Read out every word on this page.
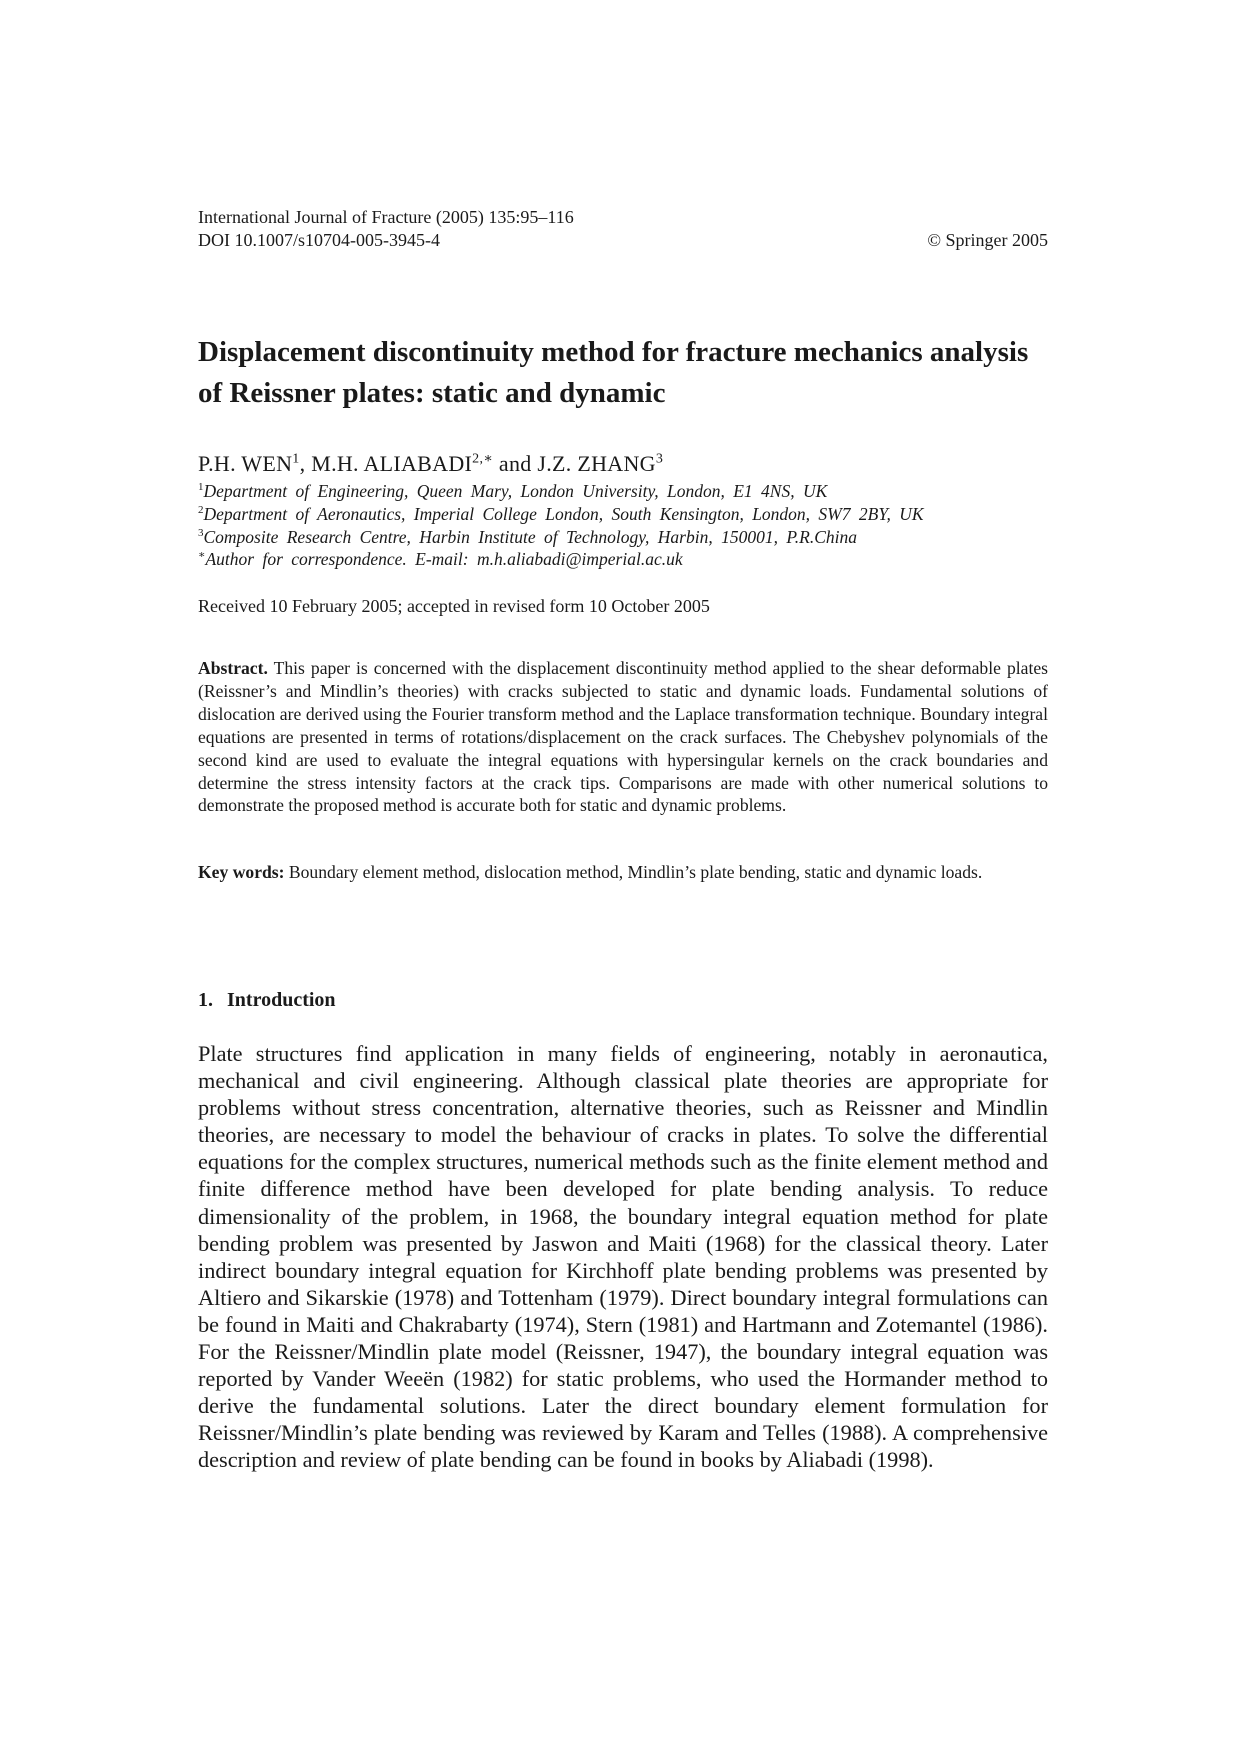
International Journal of Fracture (2005) 135:95–116
DOI 10.1007/s10704-005-3945-4	© Springer 2005
Displacement discontinuity method for fracture mechanics analysis of Reissner plates: static and dynamic
P.H. WEN$^1$, M.H. $ALIABADI^{2,∗}$ and J.Z. ZHANG$^3$
$^1$Department of Engineering, Queen Mary, London University, London, E1 4NS, UK
$^2$Department of Aeronautics, Imperial College London, South Kensington, London, SW7 2BY, UK
$^3$Composite Research Centre, Harbin Institute of Technology, Harbin, 150001, P.R.China
∗Author for correspondence. E-mail: m.h.aliabadi@imperial.ac.uk
Received 10 February 2005; accepted in revised form 10 October 2005

Abstract. This paper is concerned with the displacement discontinuity method applied to the shear deformable plates (Reissner’s and Mindlin’s theories) with cracks subjected to static and dynamic loads. Fundamental solutions of dislocation are derived using the Fourier transform method and the Laplace transformation technique. Boundary integral equations are presented in terms of rotations/displacement on the crack surfaces. The Chebyshev polynomials of the second kind are used to evaluate the integral equations with hypersingular kernels on the crack boundaries and determine the stress intensity factors at the crack tips. Comparisons are made with other numerical solutions to demonstrate the proposed method is accurate both for static and dynamic problems.

Key words: Boundary element method, dislocation method, Mindlin’s plate bending, static and dynamic loads.

1. Introduction

Plate structures find application in many fields of engineering, notably in aeronautica, mechanical and civil engineering. Although classical plate theories are appropriate for problems without stress concentration, alternative theories, such as Reissner and Mindlin theories, are necessary to model the behaviour of cracks in plates. To solve the differential equations for the complex structures, numerical methods such as the finite element method and finite difference method have been developed for plate bending analysis. To reduce dimensionality of the problem, in 1968, the boundary integral equation method for plate bending problem was presented by Jaswon and Maiti (1968) for the classical theory. Later indirect boundary integral equation for Kirchhoff plate bending problems was presented by Altiero and Sikarskie (1978) and Tottenham (1979). Direct boundary integral formulations can be found in Maiti and Chakrabarty (1974), Stern (1981) and Hartmann and Zotemantel (1986). For the Reissner/Mindlin plate model (Reissner, 1947), the boundary integral equation was reported by Vander Weeën (1982) for static problems, who used the Hormander method to derive the fundamental solutions. Later the direct boundary element formulation for Reissner/Mindlin’s plate bending was reviewed by Karam and Telles (1988). A comprehensive description and review of plate bending can be found in books by Aliabadi (1998).
